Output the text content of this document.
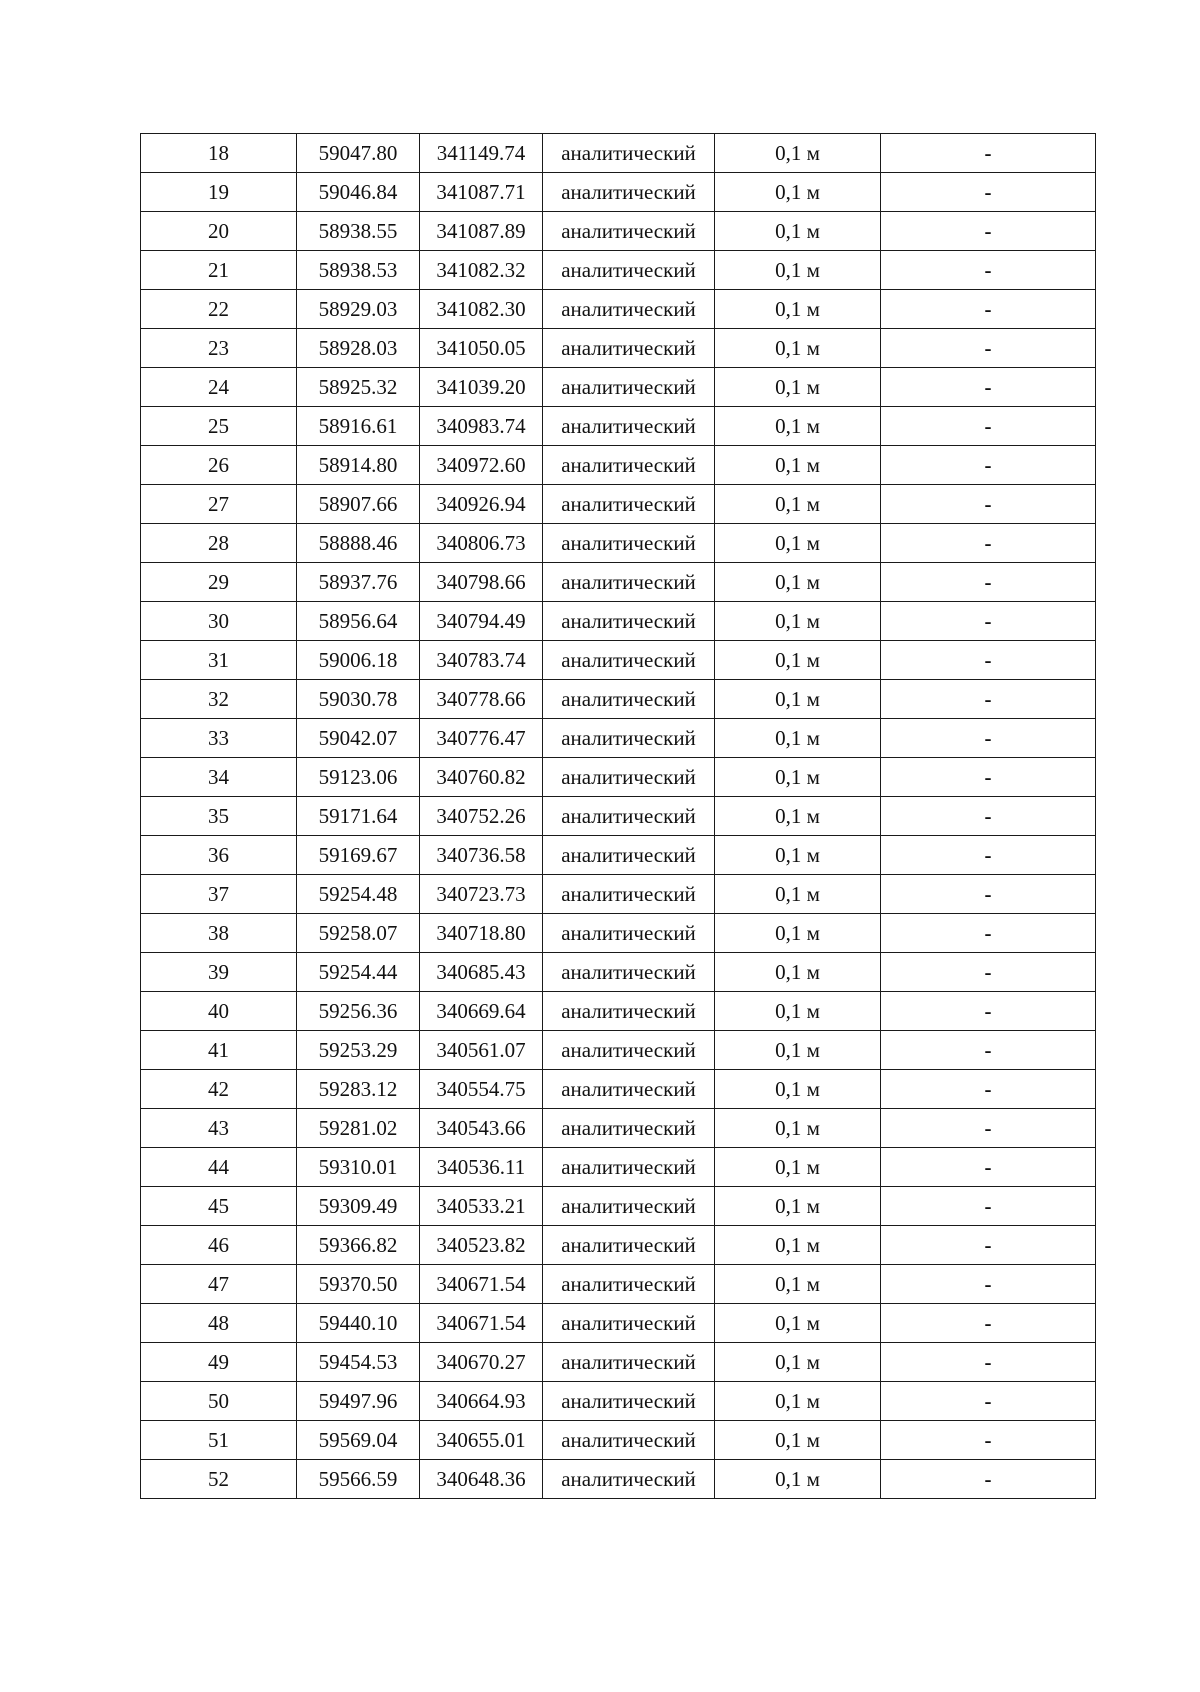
18	59047.80	341149.74	аналитический	0,1 м	-
19	59046.84	341087.71	аналитический	0,1 м	-
20	58938.55	341087.89	аналитический	0,1 м	-
21	58938.53	341082.32	аналитический	0,1 м	-
22	58929.03	341082.30	аналитический	0,1 м	-
23	58928.03	341050.05	аналитический	0,1 м	-
24	58925.32	341039.20	аналитический	0,1 м	-
25	58916.61	340983.74	аналитический	0,1 м	-
26	58914.80	340972.60	аналитический	0,1 м	-
27	58907.66	340926.94	аналитический	0,1 м	-
28	58888.46	340806.73	аналитический	0,1 м	-
29	58937.76	340798.66	аналитический	0,1 м	-
30	58956.64	340794.49	аналитический	0,1 м	-
31	59006.18	340783.74	аналитический	0,1 м	-
32	59030.78	340778.66	аналитический	0,1 м	-
33	59042.07	340776.47	аналитический	0,1 м	-
34	59123.06	340760.82	аналитический	0,1 м	-
35	59171.64	340752.26	аналитический	0,1 м	-
36	59169.67	340736.58	аналитический	0,1 м	-
37	59254.48	340723.73	аналитический	0,1 м	-
38	59258.07	340718.80	аналитический	0,1 м	-
39	59254.44	340685.43	аналитический	0,1 м	-
40	59256.36	340669.64	аналитический	0,1 м	-
41	59253.29	340561.07	аналитический	0,1 м	-
42	59283.12	340554.75	аналитический	0,1 м	-
43	59281.02	340543.66	аналитический	0,1 м	-
44	59310.01	340536.11	аналитический	0,1 м	-
45	59309.49	340533.21	аналитический	0,1 м	-
46	59366.82	340523.82	аналитический	0,1 м	-
47	59370.50	340671.54	аналитический	0,1 м	-
48	59440.10	340671.54	аналитический	0,1 м	-
49	59454.53	340670.27	аналитический	0,1 м	-
50	59497.96	340664.93	аналитический	0,1 м	-
51	59569.04	340655.01	аналитический	0,1 м	-
52	59566.59	340648.36	аналитический	0,1 м	-
